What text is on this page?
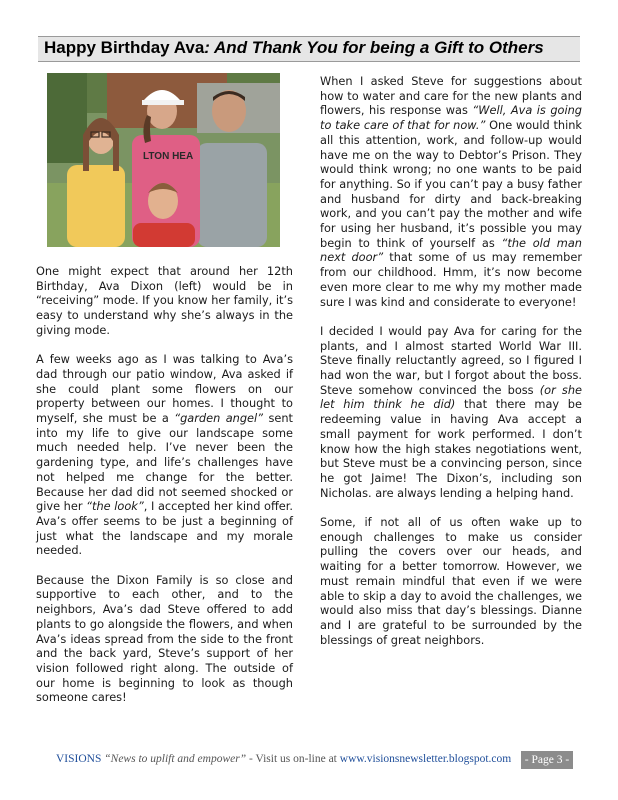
Happy Birthday Ava: And Thank You for being a Gift to Others
LTON HEA

One might expect that around her 12th Birthday, Ava Dixon (left) would be in “receiving” mode. If you know her family, it’s easy to understand why she’s always in the giving mode.

A few weeks ago as I was talking to Ava’s dad through our patio window, Ava asked if she could plant some flowers on our property between our homes. I thought to myself, she must be a “garden angel” sent into my life to give our landscape some much needed help. I’ve never been the gardening type, and life’s challenges have not helped me change for the better. Because her dad did not seemed shocked or give her “the look”, I accepted her kind offer. Ava’s offer seems to be just a beginning of just what the landscape and my morale needed.

Because the Dixon Family is so close and supportive to each other, and to the neighbors, Ava’s dad Steve offered to add plants to go alongside the flowers, and when Ava’s ideas spread from the side to the front and the back yard, Steve’s support of her vision followed right along. The outside of our home is beginning to look as though someone cares!

When I asked Steve for suggestions about how to water and care for the new plants and flowers, his response was “Well, Ava is going to take care of that for now.” One would think all this attention, work, and follow-up would have me on the way to Debtor’s Prison. They would think wrong; no one wants to be paid for anything. So if you can’t pay a busy father and husband for dirty and back-breaking work, and you can’t pay the mother and wife for using her husband, it’s possible you may begin to think of yourself as “the old man next door” that some of us may remember from our childhood. Hmm, it’s now become even more clear to me why my mother made sure I was kind and considerate to everyone!

I decided I would pay Ava for caring for the plants, and I almost started World War III. Steve finally reluctantly agreed, so I figured I had won the war, but I forgot about the boss. Steve somehow convinced the boss (or she let him think he did) that there may be redeeming value in having Ava accept a small payment for work performed. I don’t know how the high stakes negotiations went, but Steve must be a convincing person, since he got Jaime! The Dixon’s, including son Nicholas. are always lending a helping hand.

Some, if not all of us often wake up to enough challenges to make us consider pulling the covers over our heads, and waiting for a better tomorrow. However, we must remain mindful that even if we were able to skip a day to avoid the challenges, we would also miss that day’s blessings. Dianne and I are grateful to be surrounded by the blessings of great neighbors.

VISIONS “News to uplift and empower” - Visit us on-line at www.visionsnewsletter.blogspot.com	- Page 3 -
